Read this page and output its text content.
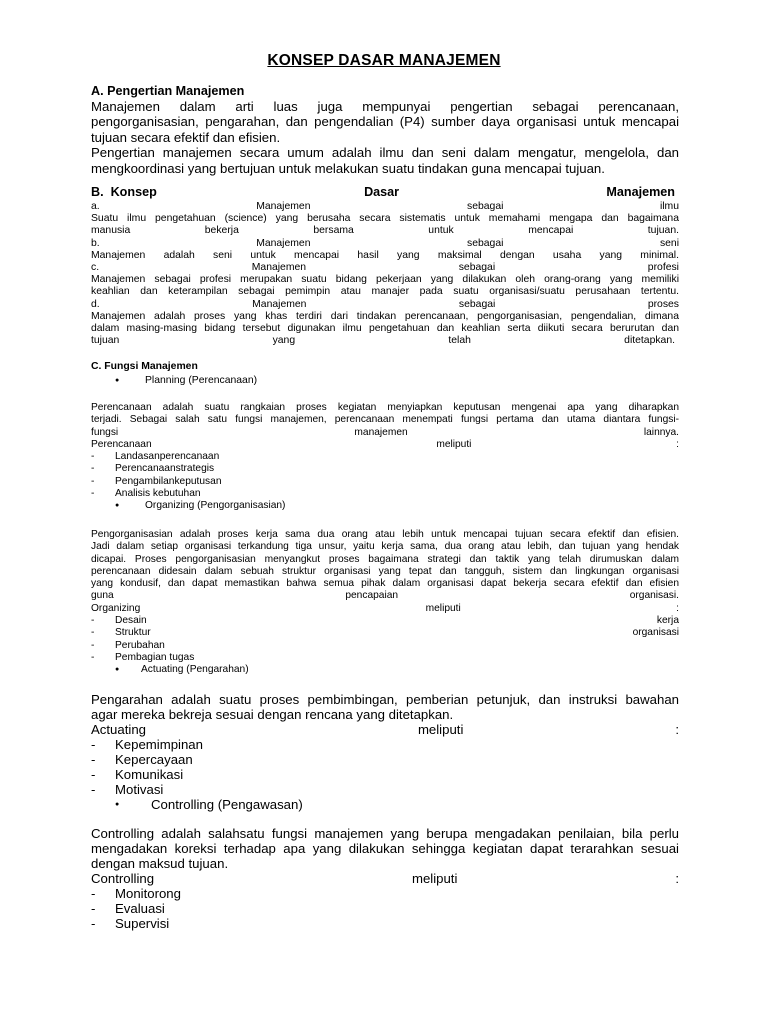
KONSEP DASAR MANAJEMEN
A. Pengertian Manajemen
Manajemen dalam arti luas juga mempunyai pengertian sebagai perencanaan,
pengorganisasian, pengarahan, dan pengendalian (P4) sumber daya organisasi untuk mencapai
tujuan secara efektif dan efisien.
Pengertian manajemen secara umum adalah ilmu dan seni dalam mengatur, mengelola, dan
mengkoordinasi yang bertujuan untuk melakukan suatu tindakan guna mencapai tujuan.
B.  Konsep	Dasar	Manajemen
a. Manajemen sebagai ilmu
Suatu ilmu pengetahuan (science) yang berusaha secara sistematis untuk memahami mengapa dan bagaimana
manusia bekerja bersama untuk mencapai tujuan.
b. Manajemen sebagai seni
Manajemen adalah seni untuk mencapai hasil yang maksimal dengan usaha yang minimal.
c. Manajemen sebagai profesi
Manajemen sebagai profesi merupakan suatu bidang pekerjaan yang dilakukan oleh orang-orang yang memiliki
keahlian dan keterampilan sebagai pemimpin atau manajer pada suatu organisasi/suatu perusahaan tertentu.
d. Manajemen sebagai proses
Manajemen adalah proses yang khas terdiri dari tindakan perencanaan, pengorganisasian, pengendalian, dimana
dalam masing-masing bidang tersebut digunakan ilmu pengetahuan dan keahlian serta diikuti secara berurutan dan
tujuan yang telah ditetapkan.
C. Fungsi Manajemen
●	Planning (Perencanaan)
Perencanaan adalah suatu rangkaian proses kegiatan menyiapkan keputusan mengenai apa yang diharapkan
terjadi. Sebagai salah satu fungsi manajemen, perencanaan menempati fungsi pertama dan utama diantara fungsi-
fungsi manajemen lainnya.
Perencanaan	meliputi	:
-	Landasanperencanaan
-	Perencanaanstrategis
-	Pengambilankeputusan
-	Analisis kebutuhan
●	Organizing (Pengorganisasian)
Pengorganisasian adalah proses kerja sama dua orang atau lebih untuk mencapai tujuan secara efektif dan efisien.
Jadi dalam setiap organisasi terkandung tiga unsur, yaitu kerja sama, dua orang atau lebih, dan tujuan yang hendak
dicapai. Proses pengorganisasian menyangkut proses bagaimana strategi dan taktik yang telah dirumuskan dalam
perencanaan didesain dalam sebuah struktur organisasi yang tepat dan tangguh, sistem dan lingkungan organisasi
yang kondusif, dan dapat memastikan bahwa semua pihak dalam organisasi dapat bekerja secara efektif dan efisien
guna pencapaian organisasi.
Organizing	meliputi	:
-	Desain	kerja
-	Struktur	organisasi
-	Perubahan
-	Pembagian tugas
●	Actuating (Pengarahan)
Pengarahan adalah suatu proses pembimbingan, pemberian petunjuk, dan instruksi bawahan
agar mereka bekreja sesuai dengan rencana yang ditetapkan.
Actuating	meliputi	:
-	Kepemimpinan
-	Kepercayaan
-	Komunikasi
-	Motivasi
●	Controlling (Pengawasan)
Controlling adalah salahsatu fungsi manajemen yang berupa mengadakan penilaian, bila perlu
mengadakan koreksi terhadap apa yang dilakukan sehingga kegiatan dapat terarahkan sesuai
dengan maksud tujuan.
Controlling	meliputi	:
-	Monitorong
-	Evaluasi
-	Supervisi
